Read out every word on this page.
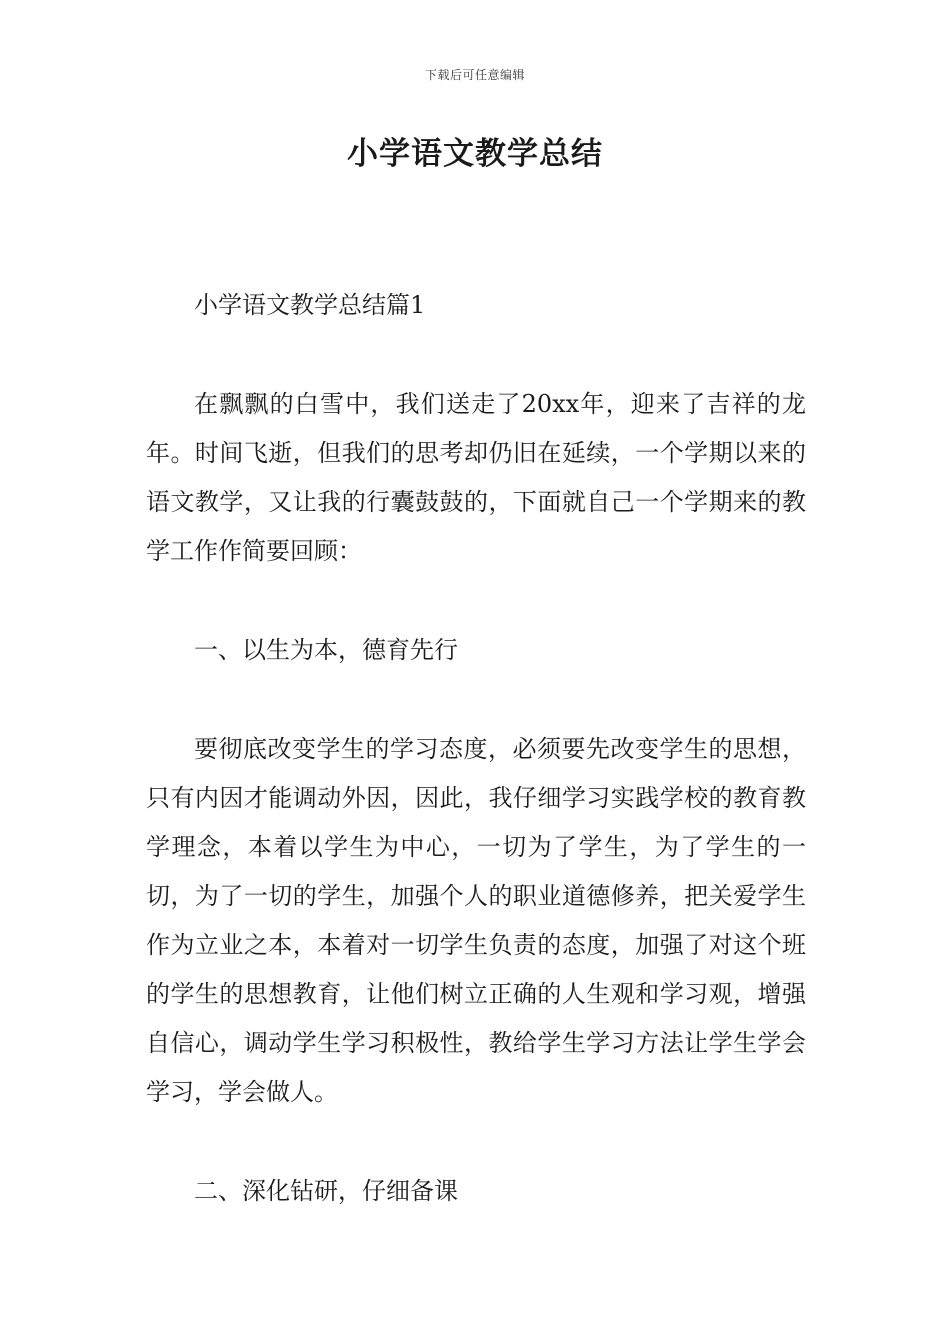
下载后可任意编辑
小学语文教学总结

小学语文教学总结篇1

在飘飘的白雪中，我们送走了20xx年，迎来了吉祥的龙年。时间飞逝，但我们的思考却仍旧在延续，一个学期以来的语文教学，又让我的行囊鼓鼓的，下面就自己一个学期来的教学工作作简要回顾：

一、以生为本，德育先行

要彻底改变学生的学习态度，必须要先改变学生的思想，只有内因才能调动外因，因此，我仔细学习实践学校的教育教学理念，本着以学生为中心，一切为了学生，为了学生的一切，为了一切的学生，加强个人的职业道德修养，把关爱学生作为立业之本，本着对一切学生负责的态度，加强了对这个班的学生的思想教育，让他们树立正确的人生观和学习观，增强自信心，调动学生学习积极性，教给学生学习方法让学生学会学习，学会做人。

二、深化钻研，仔细备课
